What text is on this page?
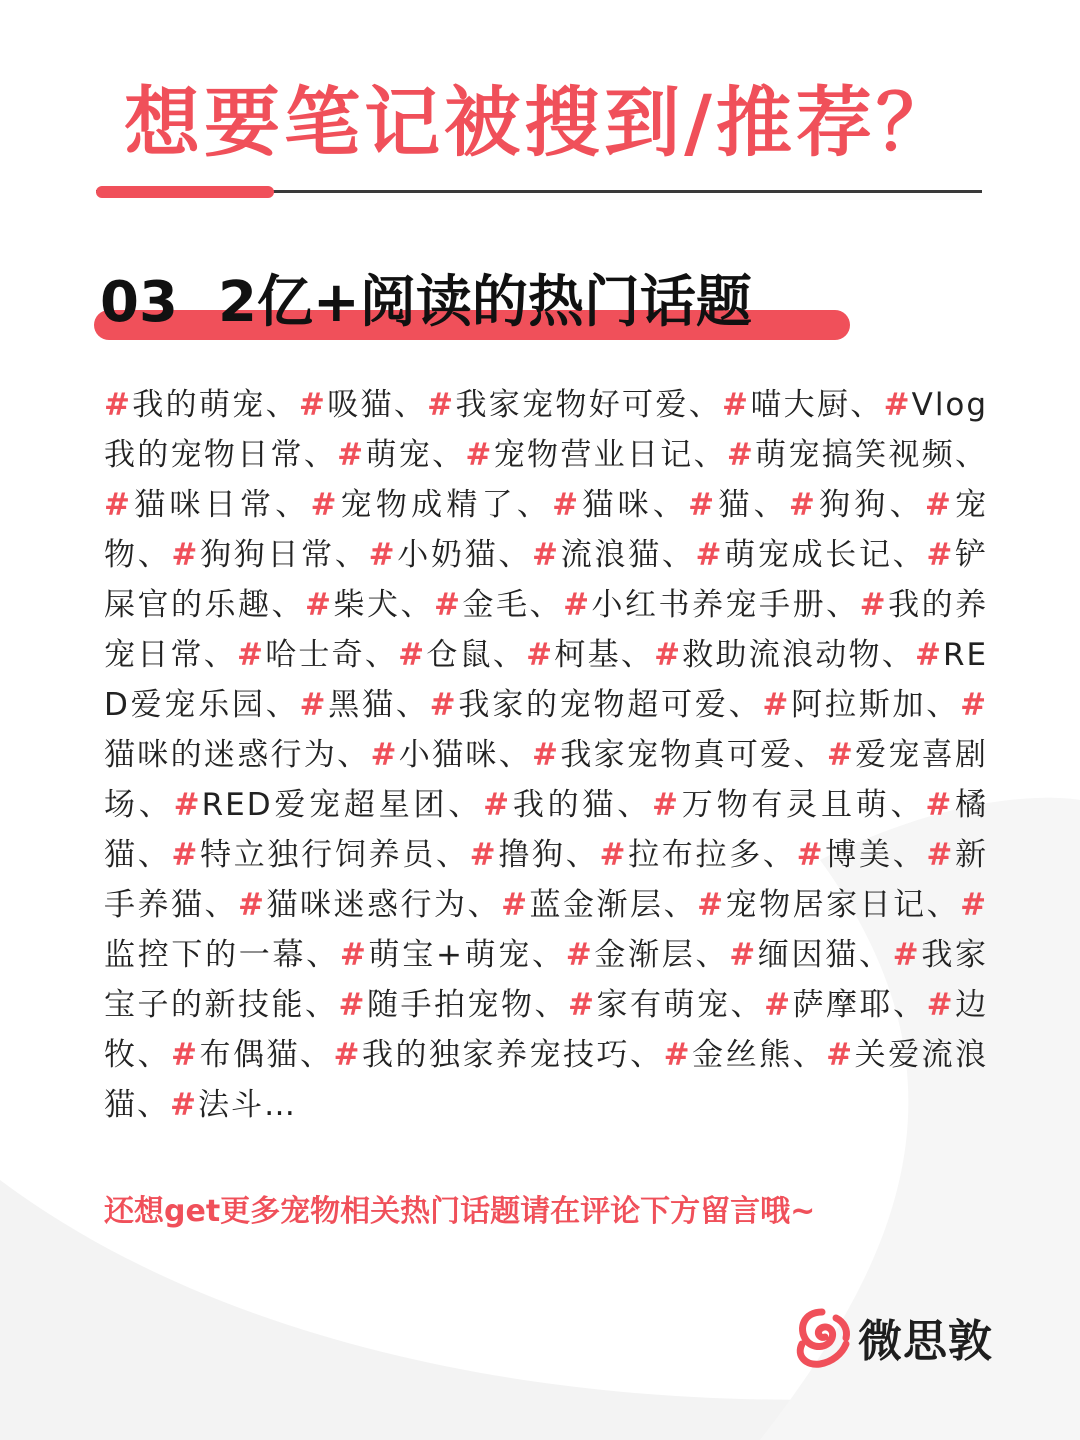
想要笔记被搜到/推荐？
03 2亿+阅读的热门话题
#我的萌宠、#吸猫、#我家宠物好可爱、#喵大厨、#Vlog我的宠物日常、#萌宠、#宠物营业日记、#萌宠搞笑视频、#猫咪日常、#宠物成精了、#猫咪、#猫、#狗狗、#宠物、#狗狗日常、#小奶猫、#流浪猫、#萌宠成长记、#铲屎官的乐趣、#柴犬、#金毛、#小红书养宠手册、#我的养宠日常、#哈士奇、#仓鼠、#柯基、#救助流浪动物、#RED爱宠乐园、#黑猫、#我家的宠物超可爱、#阿拉斯加、#猫咪的迷惑行为、#小猫咪、#我家宠物真可爱、#爱宠喜剧场、#RED爱宠超星团、#我的猫、#万物有灵且萌、#橘猫、#特立独行饲养员、#撸狗、#拉布拉多、#博美、#新手养猫、#猫咪迷惑行为、#蓝金渐层、#宠物居家日记、#监控下的一幕、#萌宝+萌宠、#金渐层、#缅因猫、#我家宝子的新技能、#随手拍宠物、#家有萌宠、#萨摩耶、#边牧、#布偶猫、#我的独家养宠技巧、#金丝熊、#关爱流浪猫、#法斗…
还想get更多宠物相关热门话题请在评论下方留言哦~
微思敦
